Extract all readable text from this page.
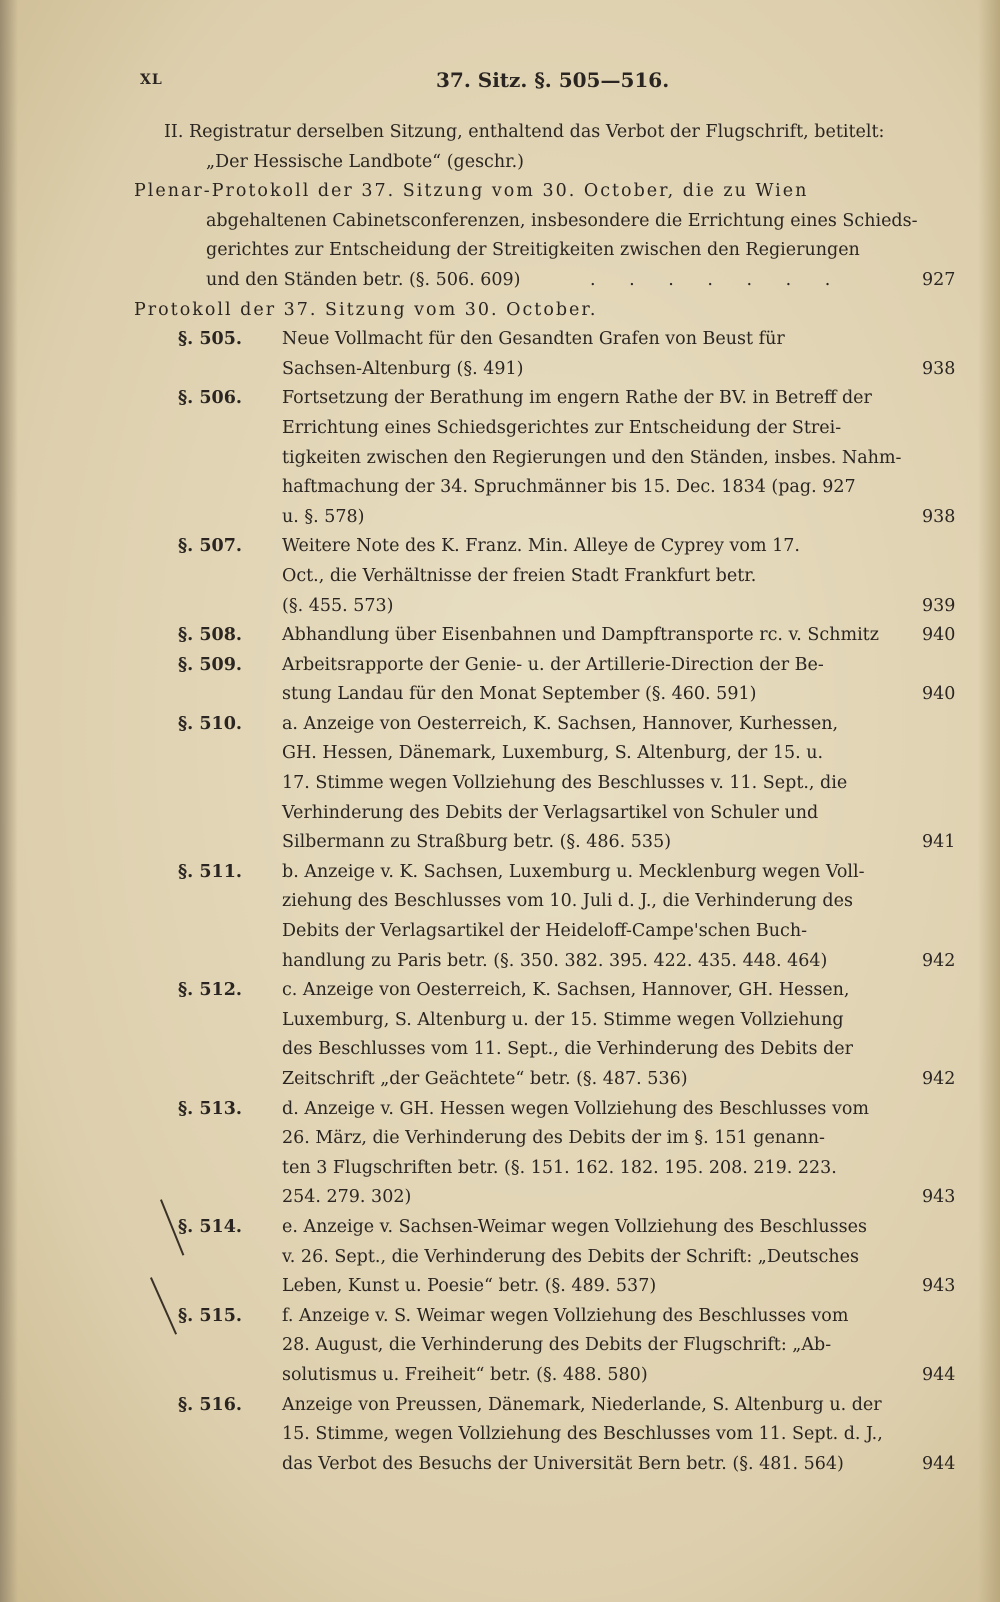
XL	37. Sitz. §. 505—516.
II. Registratur derselben Sitzung, enthaltend das Verbot der Flugschrift, betitelt:
„Der Hessische Landbote“ (geschr.)
Plenar-Protokoll der 37. Sitzung vom 30. October, die zu Wien
abgehaltenen Cabinetsconferenzen, insbesondere die Errichtung eines Schieds-
gerichtes zur Entscheidung der Streitigkeiten zwischen den Regierungen
und den Ständen betr. (§. 506. 609)	. . . . . . .	927
Protokoll der 37. Sitzung vom 30. October.
§. 505.	Neue Vollmacht für den Gesandten Grafen von Beust für
Sachsen-Altenburg (§. 491)	938
§. 506.	Fortsetzung der Berathung im engern Rathe der BV. in Betreff der
Errichtung eines Schiedsgerichtes zur Entscheidung der Strei-
tigkeiten zwischen den Regierungen und den Ständen, insbes. Nahm-
haftmachung der 34. Spruchmänner bis 15. Dec. 1834 (pag. 927
u. §. 578)	938
§. 507.	Weitere Note des K. Franz. Min. Alleye de Cyprey vom 17.
Oct., die Verhältnisse der freien Stadt Frankfurt betr.
(§. 455. 573)	939
§. 508.	Abhandlung über Eisenbahnen und Dampftransporte rc. v. Schmitz 940
§. 509.	Arbeitsrapporte der Genie- u. der Artillerie-Direction der Be-
stung Landau für den Monat September (§. 460. 591)	940
§. 510.	a. Anzeige von Oesterreich, K. Sachsen, Hannover, Kurhessen,
GH. Hessen, Dänemark, Luxemburg, S. Altenburg, der 15. u.
17. Stimme wegen Vollziehung des Beschlusses v. 11. Sept., die
Verhinderung des Debits der Verlagsartikel von Schuler und
Silbermann zu Straßburg betr. (§. 486. 535)	941
§. 511.	b. Anzeige v. K. Sachsen, Luxemburg u. Mecklenburg wegen Voll-
ziehung des Beschlusses vom 10. Juli d. J., die Verhinderung des
Debits der Verlagsartikel der Heideloff-Campe'schen Buch-
handlung zu Paris betr. (§. 350. 382. 395. 422. 435. 448. 464)	942
§. 512.	c. Anzeige von Oesterreich, K. Sachsen, Hannover, GH. Hessen,
Luxemburg, S. Altenburg u. der 15. Stimme wegen Vollziehung
des Beschlusses vom 11. Sept., die Verhinderung des Debits der
Zeitschrift „der Geächtete“ betr. (§. 487. 536)	942
§. 513.	d. Anzeige v. GH. Hessen wegen Vollziehung des Beschlusses vom
26. März, die Verhinderung des Debits der im §. 151 genann-
ten 3 Flugschriften betr. (§. 151. 162. 182. 195. 208. 219. 223.
254. 279. 302)	943
§. 514.	e. Anzeige v. Sachsen-Weimar wegen Vollziehung des Beschlusses
v. 26. Sept., die Verhinderung des Debits der Schrift: „Deutsches
Leben, Kunst u. Poesie“ betr. (§. 489. 537)	943
§. 515.	f. Anzeige v. S. Weimar wegen Vollziehung des Beschlusses vom
28. August, die Verhinderung des Debits der Flugschrift: „Ab-
solutismus u. Freiheit“ betr. (§. 488. 580)	944
§. 516.	Anzeige von Preussen, Dänemark, Niederlande, S. Altenburg u. der
15. Stimme, wegen Vollziehung des Beschlusses vom 11. Sept. d. J.,
das Verbot des Besuchs der Universität Bern betr. (§. 481. 564)	944
